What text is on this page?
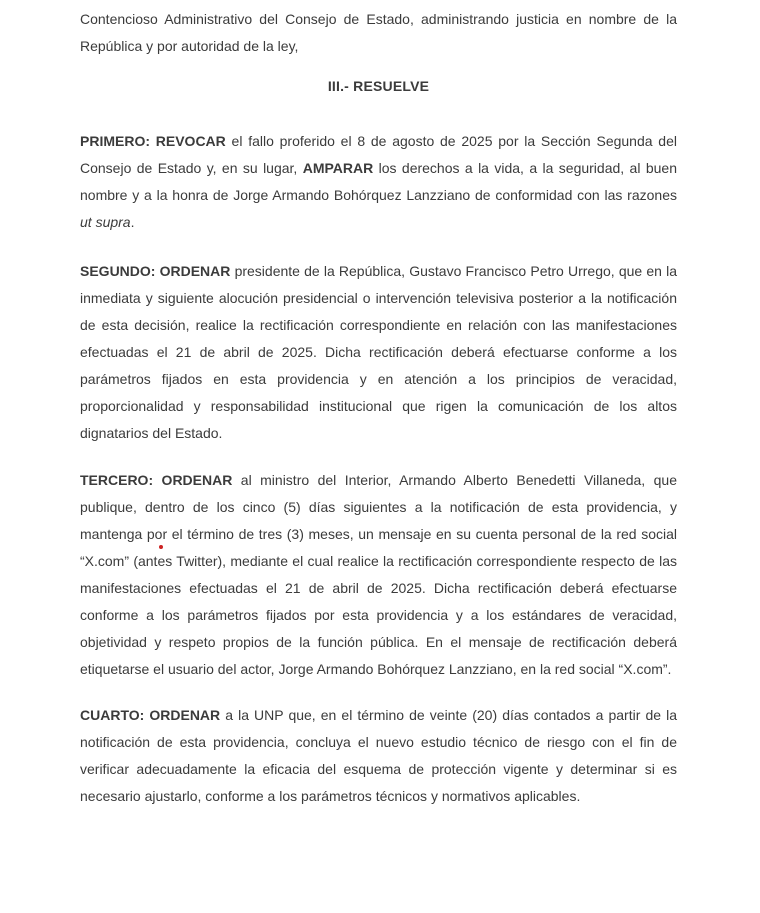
Contencioso Administrativo del Consejo de Estado, administrando justicia en nombre de la República y por autoridad de la ley,

III.- RESUELVE

PRIMERO: REVOCAR el fallo proferido el 8 de agosto de 2025 por la Sección Segunda del Consejo de Estado y, en su lugar, AMPARAR los derechos a la vida, a la seguridad, al buen nombre y a la honra de Jorge Armando Bohórquez Lanzziano de conformidad con las razones ut supra.

SEGUNDO: ORDENAR presidente de la República, Gustavo Francisco Petro Urrego, que en la inmediata y siguiente alocución presidencial o intervención televisiva posterior a la notificación de esta decisión, realice la rectificación correspondiente en relación con las manifestaciones efectuadas el 21 de abril de 2025. Dicha rectificación deberá efectuarse conforme a los parámetros fijados en esta providencia y en atención a los principios de veracidad, proporcionalidad y responsabilidad institucional que rigen la comunicación de los altos dignatarios del Estado.

TERCERO: ORDENAR al ministro del Interior, Armando Alberto Benedetti Villaneda, que publique, dentro de los cinco (5) días siguientes a la notificación de esta providencia, y mantenga por el término de tres (3) meses, un mensaje en su cuenta personal de la red social “X.com” (antes Twitter), mediante el cual realice la rectificación correspondiente respecto de las manifestaciones efectuadas el 21 de abril de 2025. Dicha rectificación deberá efectuarse conforme a los parámetros fijados por esta providencia y a los estándares de veracidad, objetividad y respeto propios de la función pública. En el mensaje de rectificación deberá etiquetarse el usuario del actor, Jorge Armando Bohórquez Lanzziano, en la red social “X.com”.

CUARTO: ORDENAR a la UNP que, en el término de veinte (20) días contados a partir de la notificación de esta providencia, concluya el nuevo estudio técnico de riesgo con el fin de verificar adecuadamente la eficacia del esquema de protección vigente y determinar si es necesario ajustarlo, conforme a los parámetros técnicos y normativos aplicables.
